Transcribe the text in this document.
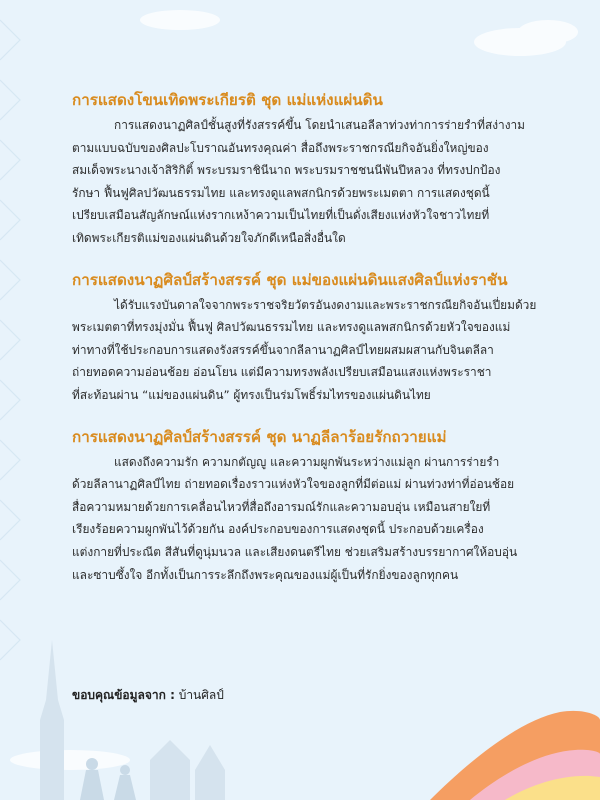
การแสดงโขนเทิดพระเกียรติ ชุด แม่แห่งแผ่นดิน

การแสดงนาฏศิลป์ชั้นสูงที่รังสรรค์ขึ้น โดยนำเสนอลีลาท่วงท่าการร่ายรำที่สง่างาม
ตามแบบฉบับของศิลปะโบราณอันทรงคุณค่า สื่อถึงพระราชกรณียกิจอันยิ่งใหญ่ของ
สมเด็จพระนางเจ้าสิริกิติ์ พระบรมราชินีนาถ พระบรมราชชนนีพันปีหลวง ที่ทรงปกป้อง
รักษา ฟื้นฟูศิลปวัฒนธรรมไทย และทรงดูแลพสกนิกรด้วยพระเมตตา การแสดงชุดนี้
เปรียบเสมือนสัญลักษณ์แห่งรากเหง้าความเป็นไทยที่เป็นดั่งเสียงแห่งหัวใจชาวไทยที่
เทิดพระเกียรติแม่ของแผ่นดินด้วยใจภักดีเหนือสิ่งอื่นใด

การแสดงนาฏศิลป์สร้างสรรค์ ชุด แม่ของแผ่นดินแสงศิลป์แห่งราชัน

ได้รับแรงบันดาลใจจากพระราชจริยวัตรอันงดงามและพระราชกรณียกิจอันเปี่ยมด้วย
พระเมตตาที่ทรงมุ่งมั่น ฟื้นฟู ศิลปวัฒนธรรมไทย และทรงดูแลพสกนิกรด้วยหัวใจของแม่
ท่าทางที่ใช้ประกอบการแสดงรังสรรค์ขึ้นจากลีลานาฏศิลป์ไทยผสมผสานกับจินตลีลา
ถ่ายทอดความอ่อนช้อย อ่อนโยน แต่มีความทรงพลังเปรียบเสมือนแสงแห่งพระราชา
ที่สะท้อนผ่าน “แม่ของแผ่นดิน” ผู้ทรงเป็นร่มโพธิ์ร่มไทรของแผ่นดินไทย

การแสดงนาฏศิลป์สร้างสรรค์ ชุด นาฏลีลาร้อยรักถวายแม่

แสดงถึงความรัก ความกตัญญู และความผูกพันระหว่างแม่ลูก ผ่านการร่ายรำ
ด้วยลีลานาฏศิลป์ไทย ถ่ายทอดเรื่องราวแห่งหัวใจของลูกที่มีต่อแม่ ผ่านท่วงท่าที่อ่อนช้อย
สื่อความหมายด้วยการเคลื่อนไหวที่สื่อถึงอารมณ์รักและความอบอุ่น เหมือนสายใยที่
เรียงร้อยความผูกพันไว้ด้วยกัน องค์ประกอบของการแสดงชุดนี้ ประกอบด้วยเครื่อง
แต่งกายที่ประณีต สีสันที่ดูนุ่มนวล และเสียงดนตรีไทย ช่วยเสริมสร้างบรรยากาศให้อบอุ่น
และซาบซึ้งใจ อีกทั้งเป็นการระลึกถึงพระคุณของแม่ผู้เป็นที่รักยิ่งของลูกทุกคน

ขอบคุณข้อมูลจาก : บ้านศิลป์
